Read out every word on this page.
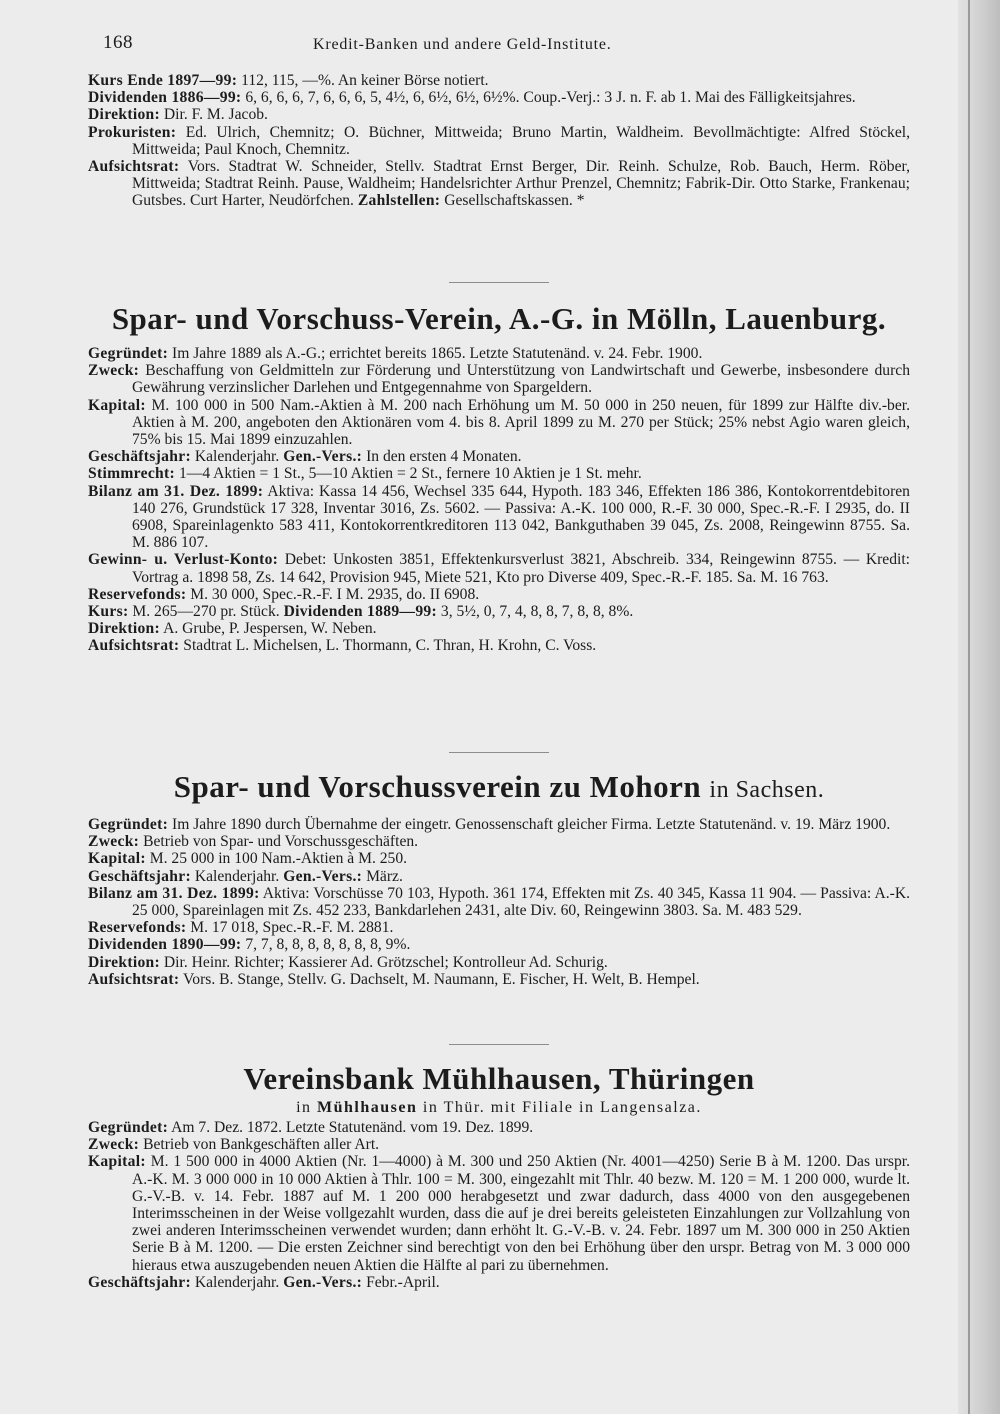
168	Kredit-Banken und andere Geld-Institute.

Kurs Ende 1897—99: 112, 115, —%. An keiner Börse notiert.

Dividenden 1886—99: 6, 6, 6, 6, 7, 6, 6, 6, 5, 4½, 6, 6½, 6½, 6½%. Coup.-Verj.: 3 J. n. F. ab 1. Mai des Fälligkeitsjahres.

Direktion: Dir. F. M. Jacob.

Prokuristen: Ed. Ulrich, Chemnitz; O. Büchner, Mittweida; Bruno Martin, Waldheim. Bevollmächtigte: Alfred Stöckel, Mittweida; Paul Knoch, Chemnitz.

Aufsichtsrat: Vors. Stadtrat W. Schneider, Stellv. Stadtrat Ernst Berger, Dir. Reinh. Schulze, Rob. Bauch, Herm. Röber, Mittweida; Stadtrat Reinh. Pause, Waldheim; Handelsrichter Arthur Prenzel, Chemnitz; Fabrik-Dir. Otto Starke, Frankenau; Gutsbes. Curt Harter, Neudörfchen. Zahlstellen: Gesellschaftskassen. *

Spar- und Vorschuss-Verein, A.-G. in Mölln, Lauenburg.

Gegründet: Im Jahre 1889 als A.-G.; errichtet bereits 1865. Letzte Statutenänd. v. 24. Febr. 1900.

Zweck: Beschaffung von Geldmitteln zur Förderung und Unterstützung von Landwirtschaft und Gewerbe, insbesondere durch Gewährung verzinslicher Darlehen und Entgegennahme von Spargeldern.

Kapital: M. 100 000 in 500 Nam.-Aktien à M. 200 nach Erhöhung um M. 50 000 in 250 neuen, für 1899 zur Hälfte div.-ber. Aktien à M. 200, angeboten den Aktionären vom 4. bis 8. April 1899 zu M. 270 per Stück; 25% nebst Agio waren gleich, 75% bis 15. Mai 1899 einzuzahlen.

Geschäftsjahr: Kalenderjahr. Gen.-Vers.: In den ersten 4 Monaten.

Stimmrecht: 1—4 Aktien = 1 St., 5—10 Aktien = 2 St., fernere 10 Aktien je 1 St. mehr.

Bilanz am 31. Dez. 1899: Aktiva: Kassa 14 456, Wechsel 335 644, Hypoth. 183 346, Effekten 186 386, Kontokorrentdebitoren 140 276, Grundstück 17 328, Inventar 3016, Zs. 5602. — Passiva: A.-K. 100 000, R.-F. 30 000, Spec.-R.-F. I 2935, do. II 6908, Spareinlagenkto 583 411, Kontokorrentkreditoren 113 042, Bankguthaben 39 045, Zs. 2008, Reingewinn 8755. Sa. M. 886 107.

Gewinn- u. Verlust-Konto: Debet: Unkosten 3851, Effektenkursverlust 3821, Abschreib. 334, Reingewinn 8755. — Kredit: Vortrag a. 1898 58, Zs. 14 642, Provision 945, Miete 521, Kto pro Diverse 409, Spec.-R.-F. 185. Sa. M. 16 763.

Reservefonds: M. 30 000, Spec.-R.-F. I M. 2935, do. II 6908.

Kurs: M. 265—270 pr. Stück. Dividenden 1889—99: 3, 5½, 0, 7, 4, 8, 8, 7, 8, 8, 8%.

Direktion: A. Grube, P. Jespersen, W. Neben.

Aufsichtsrat: Stadtrat L. Michelsen, L. Thormann, C. Thran, H. Krohn, C. Voss.

Spar- und Vorschussverein zu Mohorn in Sachsen.

Gegründet: Im Jahre 1890 durch Übernahme der eingetr. Genossenschaft gleicher Firma. Letzte Statutenänd. v. 19. März 1900.

Zweck: Betrieb von Spar- und Vorschussgeschäften.

Kapital: M. 25 000 in 100 Nam.-Aktien à M. 250.

Geschäftsjahr: Kalenderjahr. Gen.-Vers.: März.

Bilanz am 31. Dez. 1899: Aktiva: Vorschüsse 70 103, Hypoth. 361 174, Effekten mit Zs. 40 345, Kassa 11 904. — Passiva: A.-K. 25 000, Spareinlagen mit Zs. 452 233, Bankdarlehen 2431, alte Div. 60, Reingewinn 3803. Sa. M. 483 529.

Reservefonds: M. 17 018, Spec.-R.-F. M. 2881.

Dividenden 1890—99: 7, 7, 8, 8, 8, 8, 8, 8, 8, 9%.

Direktion: Dir. Heinr. Richter; Kassierer Ad. Grötzschel; Kontrolleur Ad. Schurig.

Aufsichtsrat: Vors. B. Stange, Stellv. G. Dachselt, M. Naumann, E. Fischer, H. Welt, B. Hempel.

Vereinsbank Mühlhausen, Thüringen

in Mühlhausen in Thür. mit Filiale in Langensalza.

Gegründet: Am 7. Dez. 1872. Letzte Statutenänd. vom 19. Dez. 1899.

Zweck: Betrieb von Bankgeschäften aller Art.

Kapital: M. 1 500 000 in 4000 Aktien (Nr. 1—4000) à M. 300 und 250 Aktien (Nr. 4001—4250) Serie B à M. 1200. Das urspr. A.-K. M. 3 000 000 in 10 000 Aktien à Thlr. 100 = M. 300, eingezahlt mit Thlr. 40 bezw. M. 120 = M. 1 200 000, wurde lt. G.-V.-B. v. 14. Febr. 1887 auf M. 1 200 000 herabgesetzt und zwar dadurch, dass 4000 von den ausgegebenen Interimsscheinen in der Weise vollgezahlt wurden, dass die auf je drei bereits geleisteten Einzahlungen zur Vollzahlung von zwei anderen Interimsscheinen verwendet wurden; dann erhöht lt. G.-V.-B. v. 24. Febr. 1897 um M. 300 000 in 250 Aktien Serie B à M. 1200. — Die ersten Zeichner sind berechtigt von den bei Erhöhung über den urspr. Betrag von M. 3 000 000 hieraus etwa auszugebenden neuen Aktien die Hälfte al pari zu übernehmen.

Geschäftsjahr: Kalenderjahr. Gen.-Vers.: Febr.-April.
